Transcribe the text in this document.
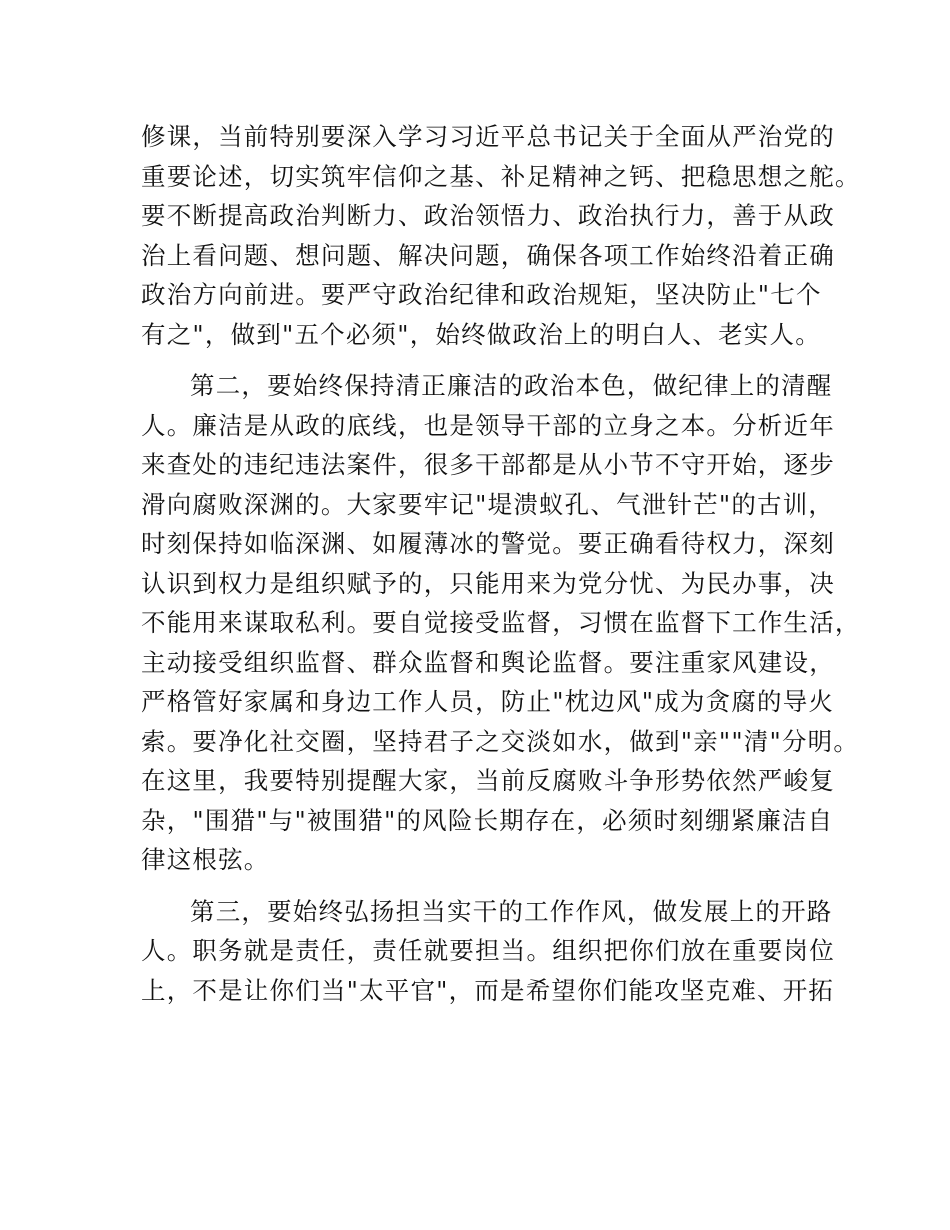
修课，当前特别要深入学习习近平总书记关于全面从严治党的
重要论述，切实筑牢信仰之基、补足精神之钙、把稳思想之舵。
要不断提高政治判断力、政治领悟力、政治执行力，善于从政
治上看问题、想问题、解决问题，确保各项工作始终沿着正确
政治方向前进。要严守政治纪律和政治规矩，坚决防止"七个
有之"，做到"五个必须"，始终做政治上的明白人、老实人。
第二，要始终保持清正廉洁的政治本色，做纪律上的清醒
人。廉洁是从政的底线，也是领导干部的立身之本。分析近年
来查处的违纪违法案件，很多干部都是从小节不守开始，逐步
滑向腐败深渊的。大家要牢记"堤溃蚁孔、气泄针芒"的古训，
时刻保持如临深渊、如履薄冰的警觉。要正确看待权力，深刻
认识到权力是组织赋予的，只能用来为党分忧、为民办事，决
不能用来谋取私利。要自觉接受监督，习惯在监督下工作生活，
主动接受组织监督、群众监督和舆论监督。要注重家风建设，
严格管好家属和身边工作人员，防止"枕边风"成为贪腐的导火
索。要净化社交圈，坚持君子之交淡如水，做到"亲""清"分明。
在这里，我要特别提醒大家，当前反腐败斗争形势依然严峻复
杂，"围猎"与"被围猎"的风险长期存在，必须时刻绷紧廉洁自
律这根弦。
第三，要始终弘扬担当实干的工作作风，做发展上的开路
人。职务就是责任，责任就要担当。组织把你们放在重要岗位
上，不是让你们当"太平官"，而是希望你们能攻坚克难、开拓
